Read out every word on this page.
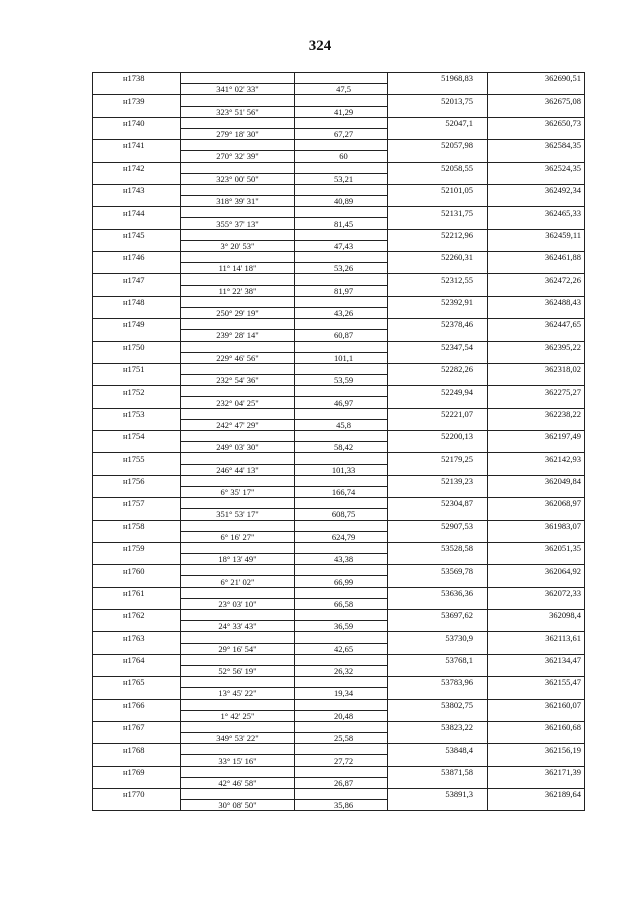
324
н1738			51968,83	362690,51
	341° 02' 33"	47,5		
н1739			52013,75	362675,08
	323° 51' 56"	41,29		
н1740			52047,1	362650,73
	279° 18' 30"	67,27		
н1741			52057,98	362584,35
	270° 32' 39"	60		
н1742			52058,55	362524,35
	323° 00' 50"	53,21		
н1743			52101,05	362492,34
	318° 39' 31"	40,89		
н1744			52131,75	362465,33
	355° 37' 13"	81,45		
н1745			52212,96	362459,11
	3° 20' 53"	47,43		
н1746			52260,31	362461,88
	11° 14' 18"	53,26		
н1747			52312,55	362472,26
	11° 22' 38"	81,97		
н1748			52392,91	362488,43
	250° 29' 19"	43,26		
н1749			52378,46	362447,65
	239° 28' 14"	60,87		
н1750			52347,54	362395,22
	229° 46' 56"	101,1		
н1751			52282,26	362318,02
	232° 54' 36"	53,59		
н1752			52249,94	362275,27
	232° 04' 25"	46,97		
н1753			52221,07	362238,22
	242° 47' 29"	45,8		
н1754			52200,13	362197,49
	249° 03' 30"	58,42		
н1755			52179,25	362142,93
	246° 44' 13"	101,33		
н1756			52139,23	362049,84
	6° 35' 17"	166,74		
н1757			52304,87	362068,97
	351° 53' 17"	608,75		
н1758			52907,53	361983,07
	6° 16' 27"	624,79		
н1759			53528,58	362051,35
	18° 13' 49"	43,38		
н1760			53569,78	362064,92
	6° 21' 02"	66,99		
н1761			53636,36	362072,33
	23° 03' 10"	66,58		
н1762			53697,62	362098,4
	24° 33' 43"	36,59		
н1763			53730,9	362113,61
	29° 16' 54"	42,65		
н1764			53768,1	362134,47
	52° 56' 19"	26,32		
н1765			53783,96	362155,47
	13° 45' 22"	19,34		
н1766			53802,75	362160,07
	1° 42' 25"	20,48		
н1767			53823,22	362160,68
	349° 53' 22"	25,58		
н1768			53848,4	362156,19
	33° 15' 16"	27,72		
н1769			53871,58	362171,39
	42° 46' 58"	26,87		
н1770			53891,3	362189,64
	30° 08' 50"	35,86		
